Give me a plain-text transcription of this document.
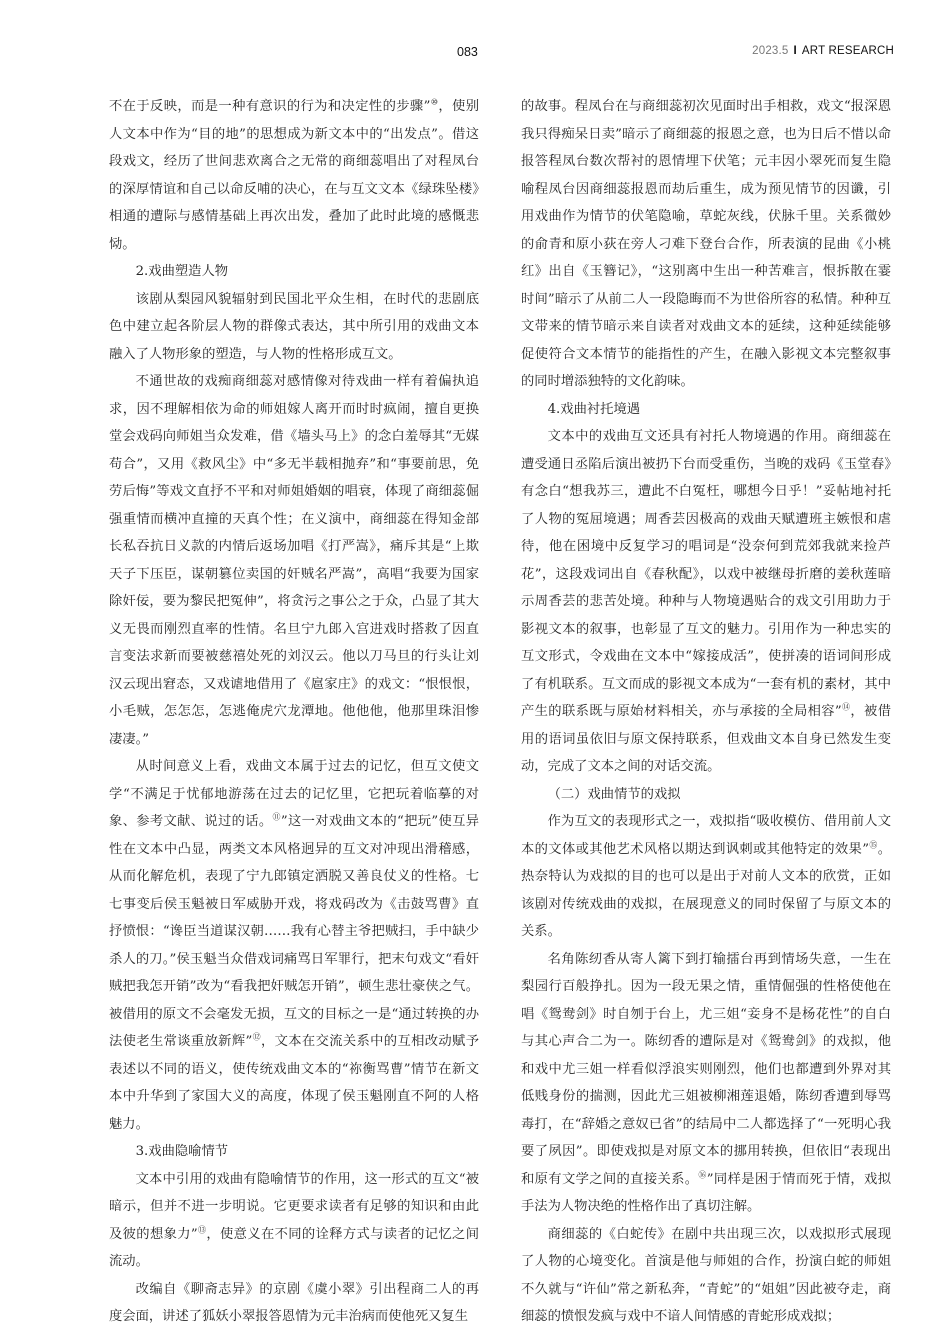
083	2023.5 I ART RESEARCH

不在于反映，而是一种有意识的行为和决定性的步骤”⑩，使别人文本中作为“目的地”的思想成为新文本中的“出发点”。借这段戏文，经历了世间悲欢离合之无常的商细蕊唱出了对程凤台的深厚情谊和自己以命反哺的决心，在与互文文本《绿珠坠楼》相通的遭际与感情基础上再次出发，叠加了此时此境的感慨悲恸。

2.戏曲塑造人物

该剧从梨园风貌辐射到民国北平众生相，在时代的悲剧底色中建立起各阶层人物的群像式表达，其中所引用的戏曲文本融入了人物形象的塑造，与人物的性格形成互文。

不通世故的戏痴商细蕊对感情像对待戏曲一样有着偏执追求，因不理解相依为命的师姐嫁人离开而时时疯闹，擅自更换堂会戏码向师姐当众发难，借《墙头马上》的念白羞辱其“无媒苟合”，又用《救风尘》中“多无半载相抛弃”和“事要前思，免劳后悔”等戏文直抒不平和对师姐婚姻的唱衰，体现了商细蕊倔强重情而横冲直撞的天真个性；在义演中，商细蕊在得知金部长私吞抗日义款的内情后返场加唱《打严嵩》，痛斥其是“上欺天子下压臣，谋朝篡位卖国的奸贼名严嵩”，高唱“我要为国家除奸佞，要为黎民把冤伸”，将贪污之事公之于众，凸显了其大义无畏而刚烈直率的性情。名旦宁九郎入宫进戏时搭救了因直言变法求新而要被慈禧处死的刘汉云。他以刀马旦的行头让刘汉云现出窘态，又戏谑地借用了《扈家庄》的戏文：“恨恨恨，小毛贼，怎怎怎，怎逃俺虎穴龙潭地。他他他，他那里珠泪惨凄凄。”

从时间意义上看，戏曲文本属于过去的记忆，但互文使文学“不满足于忧郁地游荡在过去的记忆里，它把玩着临摹的对象、参考文献、说过的话。⑪”这一对戏曲文本的“把玩”使互异性在文本中凸显，两类文本风格迥异的互文对冲现出滑稽感，从而化解危机，表现了宁九郎镇定洒脱又善良仗义的性格。七七事变后侯玉魁被日军威胁开戏，将戏码改为《击鼓骂曹》直抒愤恨：“谗臣当道谋汉朝……我有心替主爷把贼扫，手中缺少杀人的刀。”侯玉魁当众借戏词痛骂日军罪行，把末句戏文“看奸贼把我怎开销”改为“看我把奸贼怎开销”，顿生悲壮豪侠之气。被借用的原文不会毫发无损，互文的目标之一是“通过转换的办法使老生常谈重放新辉”⑫，文本在交流关系中的互相改动赋予表述以不同的语义，使传统戏曲文本的“祢衡骂曹”情节在新文本中升华到了家国大义的高度，体现了侯玉魁刚直不阿的人格魅力。

3.戏曲隐喻情节

文本中引用的戏曲有隐喻情节的作用，这一形式的互文“被暗示，但并不进一步明说。它更要求读者有足够的知识和由此及彼的想象力”⑬，使意义在不同的诠释方式与读者的记忆之间流动。

改编自《聊斋志异》的京剧《虞小翠》引出程商二人的再度会面，讲述了狐妖小翠报答恩情为元丰治病而使他死又复生

的故事。程凤台在与商细蕊初次见面时出手相救，戏文“报深恩我只得痴呆日卖”暗示了商细蕊的报恩之意，也为日后不惜以命报答程凤台数次帮衬的恩情埋下伏笔；元丰因小翠死而复生隐喻程凤台因商细蕊报恩而劫后重生，成为预见情节的因谶，引用戏曲作为情节的伏笔隐喻，草蛇灰线，伏脉千里。关系微妙的俞青和原小荻在旁人刁难下登台合作，所表演的昆曲《小桃红》出自《玉簪记》，“这别离中生出一种苦难言，恨拆散在霎时间”暗示了从前二人一段隐晦而不为世俗所容的私情。种种互文带来的情节暗示来自读者对戏曲文本的延续，这种延续能够促使符合文本情节的能指性的产生，在融入影视文本完整叙事的同时增添独特的文化韵味。

4.戏曲衬托境遇

文本中的戏曲互文还具有衬托人物境遇的作用。商细蕊在遭受通日丞陷后演出被扔下台而受重伤，当晚的戏码《玉堂春》有念白“想我苏三，遭此不白冤枉，哪想今日乎！”妥帖地衬托了人物的冤屈境遇；周香芸因极高的戏曲天赋遭班主嫉恨和虐待，他在困境中反复学习的唱词是“没奈何到荒郊我就来捡芦花”，这段戏词出自《春秋配》，以戏中被继母折磨的姜秋莲暗示周香芸的悲苦处境。种种与人物境遇贴合的戏文引用助力于影视文本的叙事，也彰显了互文的魅力。引用作为一种忠实的互文形式，令戏曲在文本中“嫁接成活”，使拼凑的语词间形成了有机联系。互文而成的影视文本成为“一套有机的素材，其中产生的联系既与原始材料相关，亦与承接的全局相容”⑭，被借用的语词虽依旧与原文保持联系，但戏曲文本自身已然发生变动，完成了文本之间的对话交流。

（二）戏曲情节的戏拟

作为互文的表现形式之一，戏拟指“吸收模仿、借用前人文本的文体或其他艺术风格以期达到讽刺或其他特定的效果”⑮。热奈特认为戏拟的目的也可以是出于对前人文本的欣赏，正如该剧对传统戏曲的戏拟，在展现意义的同时保留了与原文本的关系。

名角陈纫香从寄人篱下到打输擂台再到情场失意，一生在梨园行百般挣扎。因为一段无果之情，重情倔强的性格使他在唱《鸳鸯剑》时自刎于台上，尤三姐“妾身不是杨花性”的自白与其心声合二为一。陈纫香的遭际是对《鸳鸯剑》的戏拟，他和戏中尤三姐一样看似浮浪实则刚烈，他们也都遭到外界对其低贱身份的揣测，因此尤三姐被柳湘莲退婚，陈纫香遭到辱骂毒打，在“辞婚之意奴已省”的结局中二人都选择了“一死明心我要了夙因”。即使戏拟是对原文本的挪用转换，但依旧“表现出和原有文学之间的直接关系。⑯”同样是困于情而死于情，戏拟手法为人物决绝的性格作出了真切注解。

商细蕊的《白蛇传》在剧中共出现三次，以戏拟形式展现了人物的心境变化。首演是他与师姐的合作，扮演白蛇的师姐不久就与“许仙”常之新私奔，“青蛇”的“姐姐”因此被夺走，商细蕊的愤恨发疯与戏中不谙人间情感的青蛇形成戏拟；
